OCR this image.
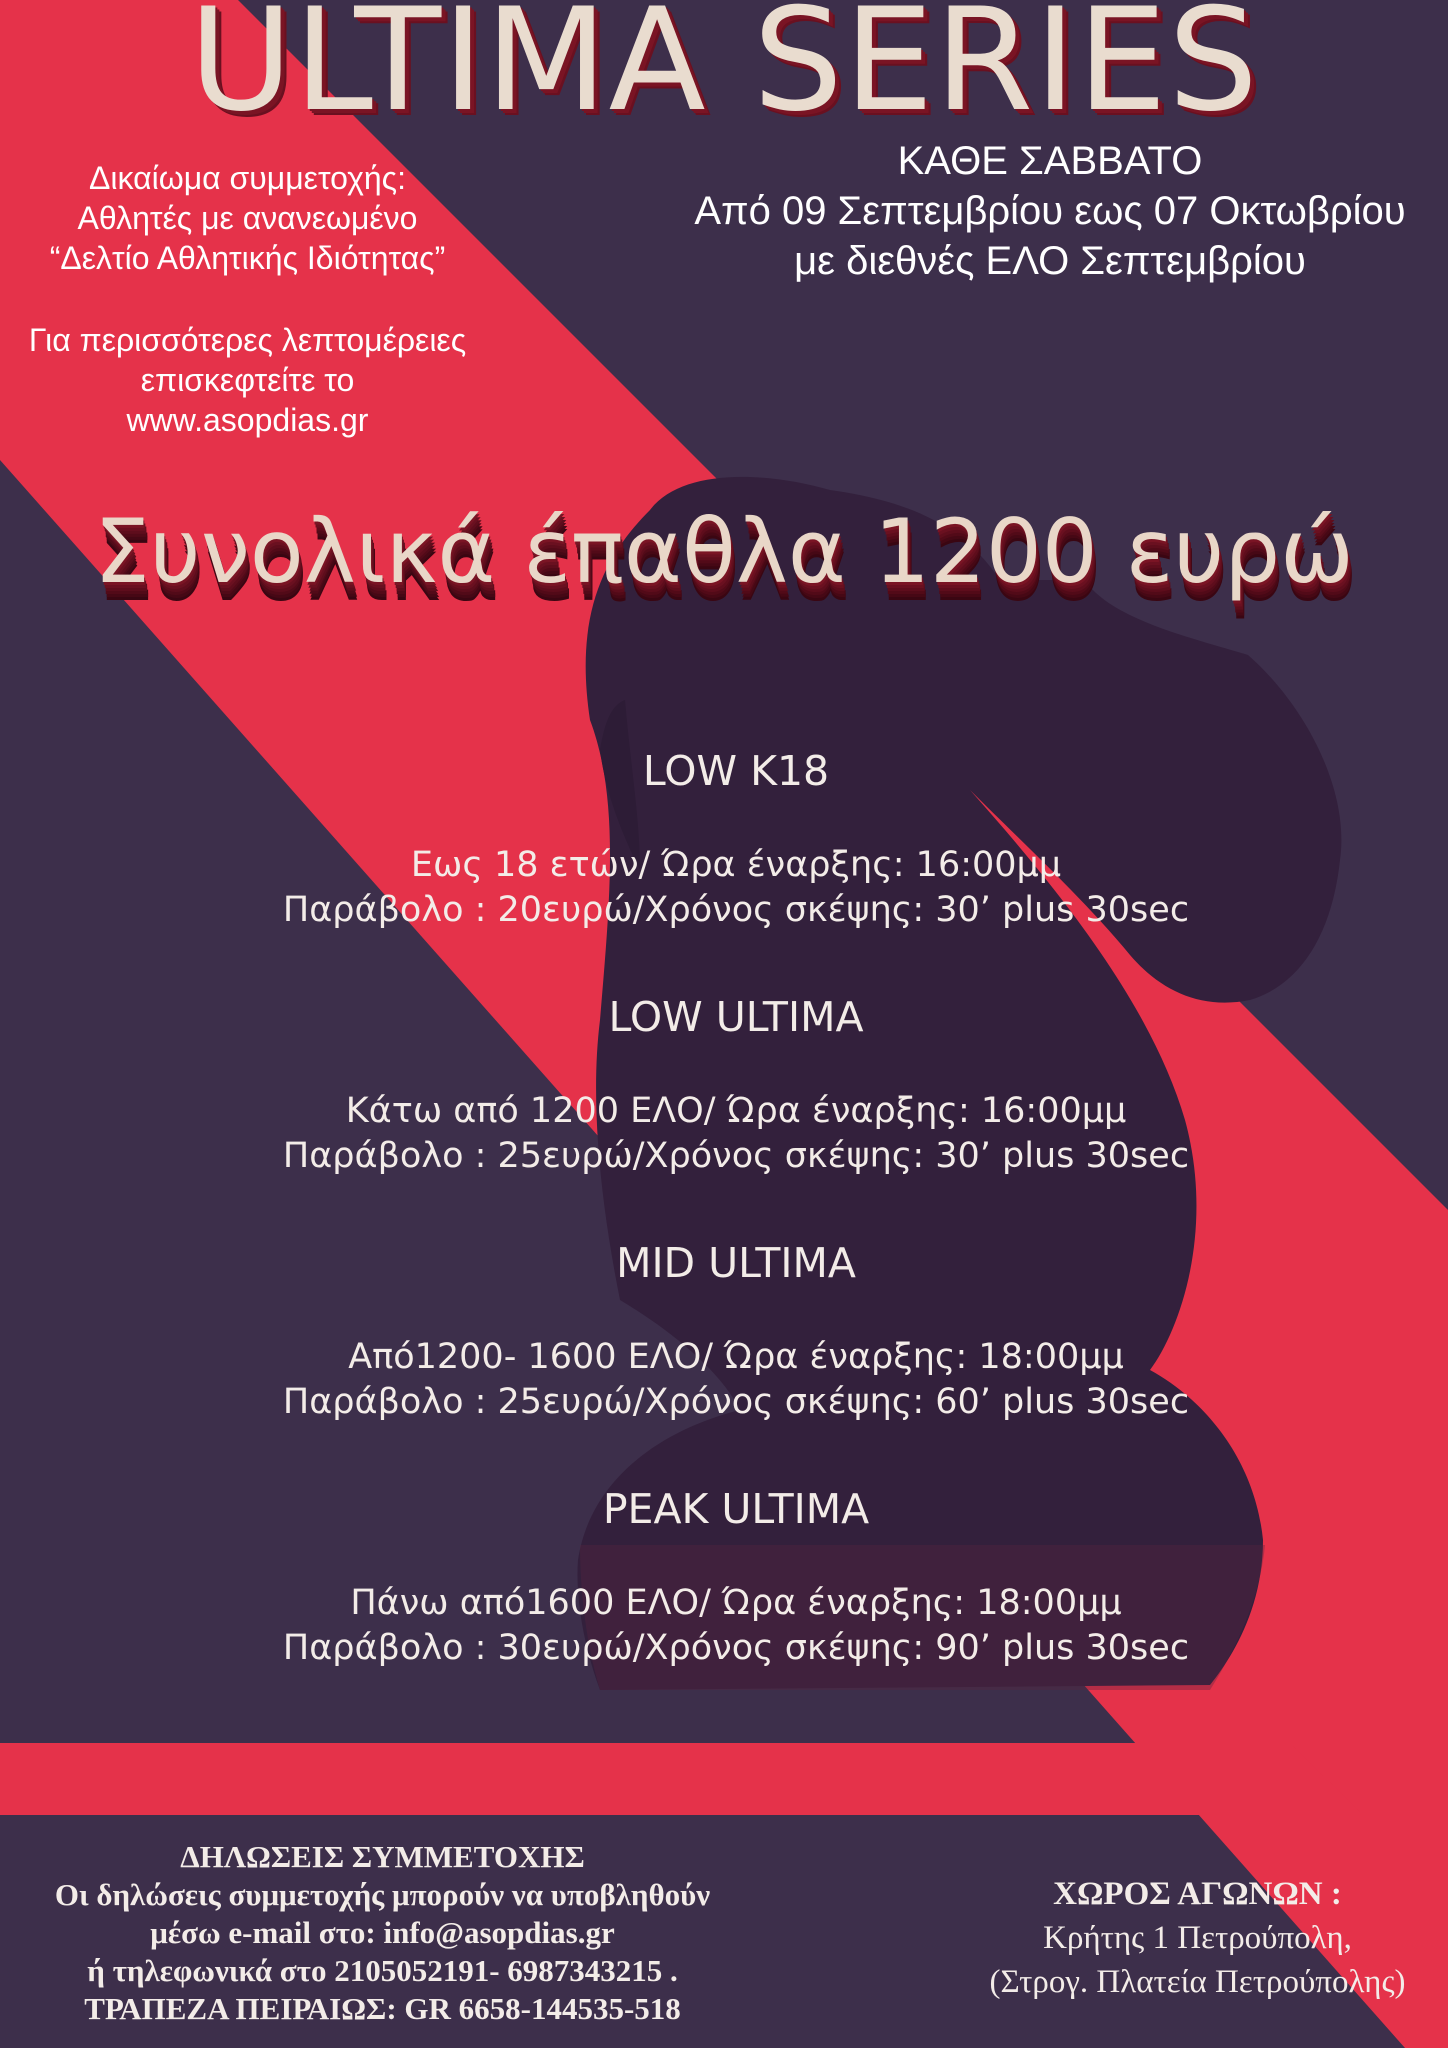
ULTIMA SERIES
ΚΑΘΕ ΣΑΒΒΑΤΟ
Από 09 Σεπτεμβρίου εως 07 Οκτωβρίου
με διεθνές ΕΛΟ Σεπτεμβρίου
Δικαίωμα συμμετοχής:
Αθλητές με ανανεωμένο
“Δελτίο Αθλητικής Ιδιότητας”
Για περισσότερες λεπτομέρειες
επισκεφτείτε το
www.asopdias.gr
Συνολικά έπαθλα 1200 ευρώ
LOW K18
Εως 18 ετών/ Ώρα έναρξης: 16:00μμ
Παράβολο : 20ευρώ/Χρόνος σκέψης: 30’ plus 30sec
LOW ULTIMA
Κάτω από 1200 ΕΛΟ/ Ώρα έναρξης: 16:00μμ
Παράβολο : 25ευρώ/Χρόνος σκέψης: 30’ plus 30sec
MID ULTIMA
Από1200- 1600 ΕΛΟ/ Ώρα έναρξης: 18:00μμ
Παράβολο : 25ευρώ/Χρόνος σκέψης: 60’ plus 30sec
PEAK ULTIMA
Πάνω από1600 ΕΛΟ/ Ώρα έναρξης: 18:00μμ
Παράβολο : 30ευρώ/Χρόνος σκέψης: 90’ plus 30sec
ΔΗΛΩΣΕΙΣ ΣΥΜΜΕΤΟΧΗΣ
Οι δηλώσεις συμμετοχής μπορούν να υποβληθούν
μέσω e-mail στο: info@asopdias.gr
ή τηλεφωνικά στο 2105052191- 6987343215 .
ΤΡΑΠΕΖΑ ΠΕΙΡΑΙΩΣ: GR 6658-144535-518
ΧΩΡΟΣ ΑΓΩΝΩΝ :
Κρήτης 1 Πετρούπολη,
(Στρογ. Πλατεία Πετρούπολης)
